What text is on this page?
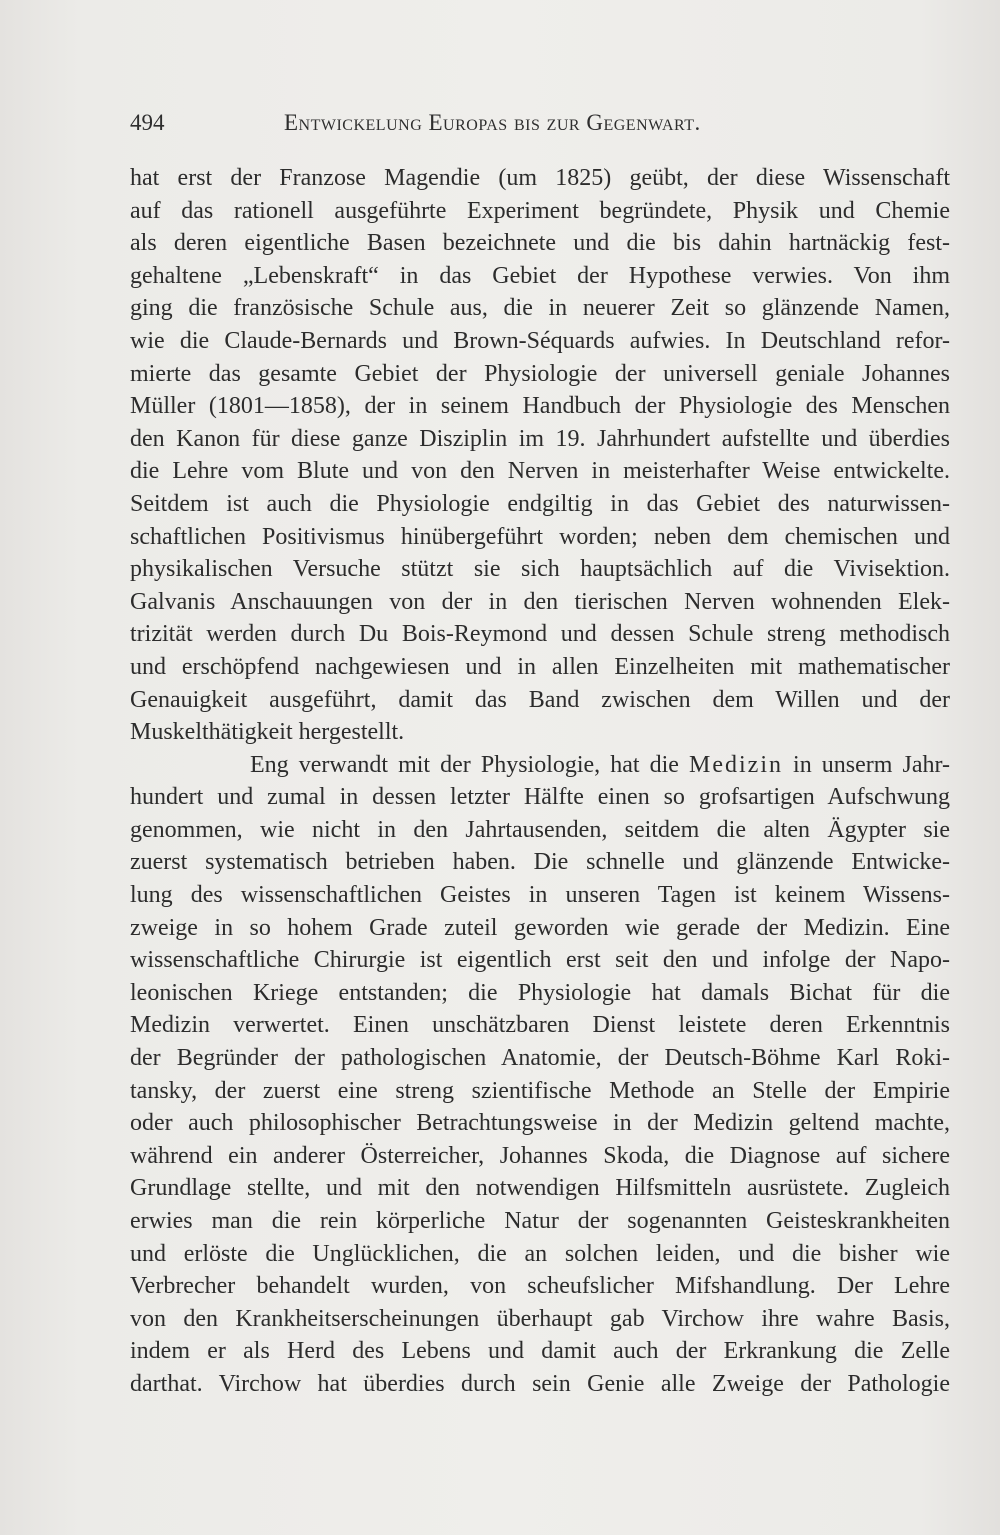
494	Entwickelung Europas bis zur Gegenwart.
hat erst der Franzose Magendie (um 1825) geübt, der diese Wissenschaft
auf das rationell ausgeführte Experiment begründete, Physik und Chemie
als deren eigentliche Basen bezeichnete und die bis dahin hartnäckig fest-
gehaltene „Lebenskraft“ in das Gebiet der Hypothese verwies. Von ihm
ging die französische Schule aus, die in neuerer Zeit so glänzende Namen,
wie die Claude-Bernards und Brown-Séquards aufwies. In Deutschland refor-
mierte das gesamte Gebiet der Physiologie der universell geniale Johannes
Müller (1801—1858), der in seinem Handbuch der Physiologie des Menschen
den Kanon für diese ganze Disziplin im 19. Jahrhundert aufstellte und überdies
die Lehre vom Blute und von den Nerven in meisterhafter Weise entwickelte.
Seitdem ist auch die Physiologie endgiltig in das Gebiet des naturwissen-
schaftlichen Positivismus hinübergeführt worden; neben dem chemischen und
physikalischen Versuche stützt sie sich hauptsächlich auf die Vivisektion.
Galvanis Anschauungen von der in den tierischen Nerven wohnenden Elek-
trizität werden durch Du Bois-Reymond und dessen Schule streng methodisch
und erschöpfend nachgewiesen und in allen Einzelheiten mit mathematischer
Genauigkeit ausgeführt, damit das Band zwischen dem Willen und der
Muskelthätigkeit hergestellt.
Eng verwandt mit der Physiologie, hat die Medizin in unserm Jahr-
hundert und zumal in dessen letzter Hälfte einen so grofsartigen Aufschwung
genommen, wie nicht in den Jahrtausenden, seitdem die alten Ägypter sie
zuerst systematisch betrieben haben. Die schnelle und glänzende Entwicke-
lung des wissenschaftlichen Geistes in unseren Tagen ist keinem Wissens-
zweige in so hohem Grade zuteil geworden wie gerade der Medizin. Eine
wissenschaftliche Chirurgie ist eigentlich erst seit den und infolge der Napo-
leonischen Kriege entstanden; die Physiologie hat damals Bichat für die
Medizin verwertet. Einen unschätzbaren Dienst leistete deren Erkenntnis
der Begründer der pathologischen Anatomie, der Deutsch-Böhme Karl Roki-
tansky, der zuerst eine streng szientifische Methode an Stelle der Empirie
oder auch philosophischer Betrachtungsweise in der Medizin geltend machte,
während ein anderer Österreicher, Johannes Skoda, die Diagnose auf sichere
Grundlage stellte, und mit den notwendigen Hilfsmitteln ausrüstete. Zugleich
erwies man die rein körperliche Natur der sogenannten Geisteskrankheiten
und erlöste die Unglücklichen, die an solchen leiden, und die bisher wie
Verbrecher behandelt wurden, von scheufslicher Mifshandlung. Der Lehre
von den Krankheitserscheinungen überhaupt gab Virchow ihre wahre Basis,
indem er als Herd des Lebens und damit auch der Erkrankung die Zelle
darthat. Virchow hat überdies durch sein Genie alle Zweige der Pathologie
